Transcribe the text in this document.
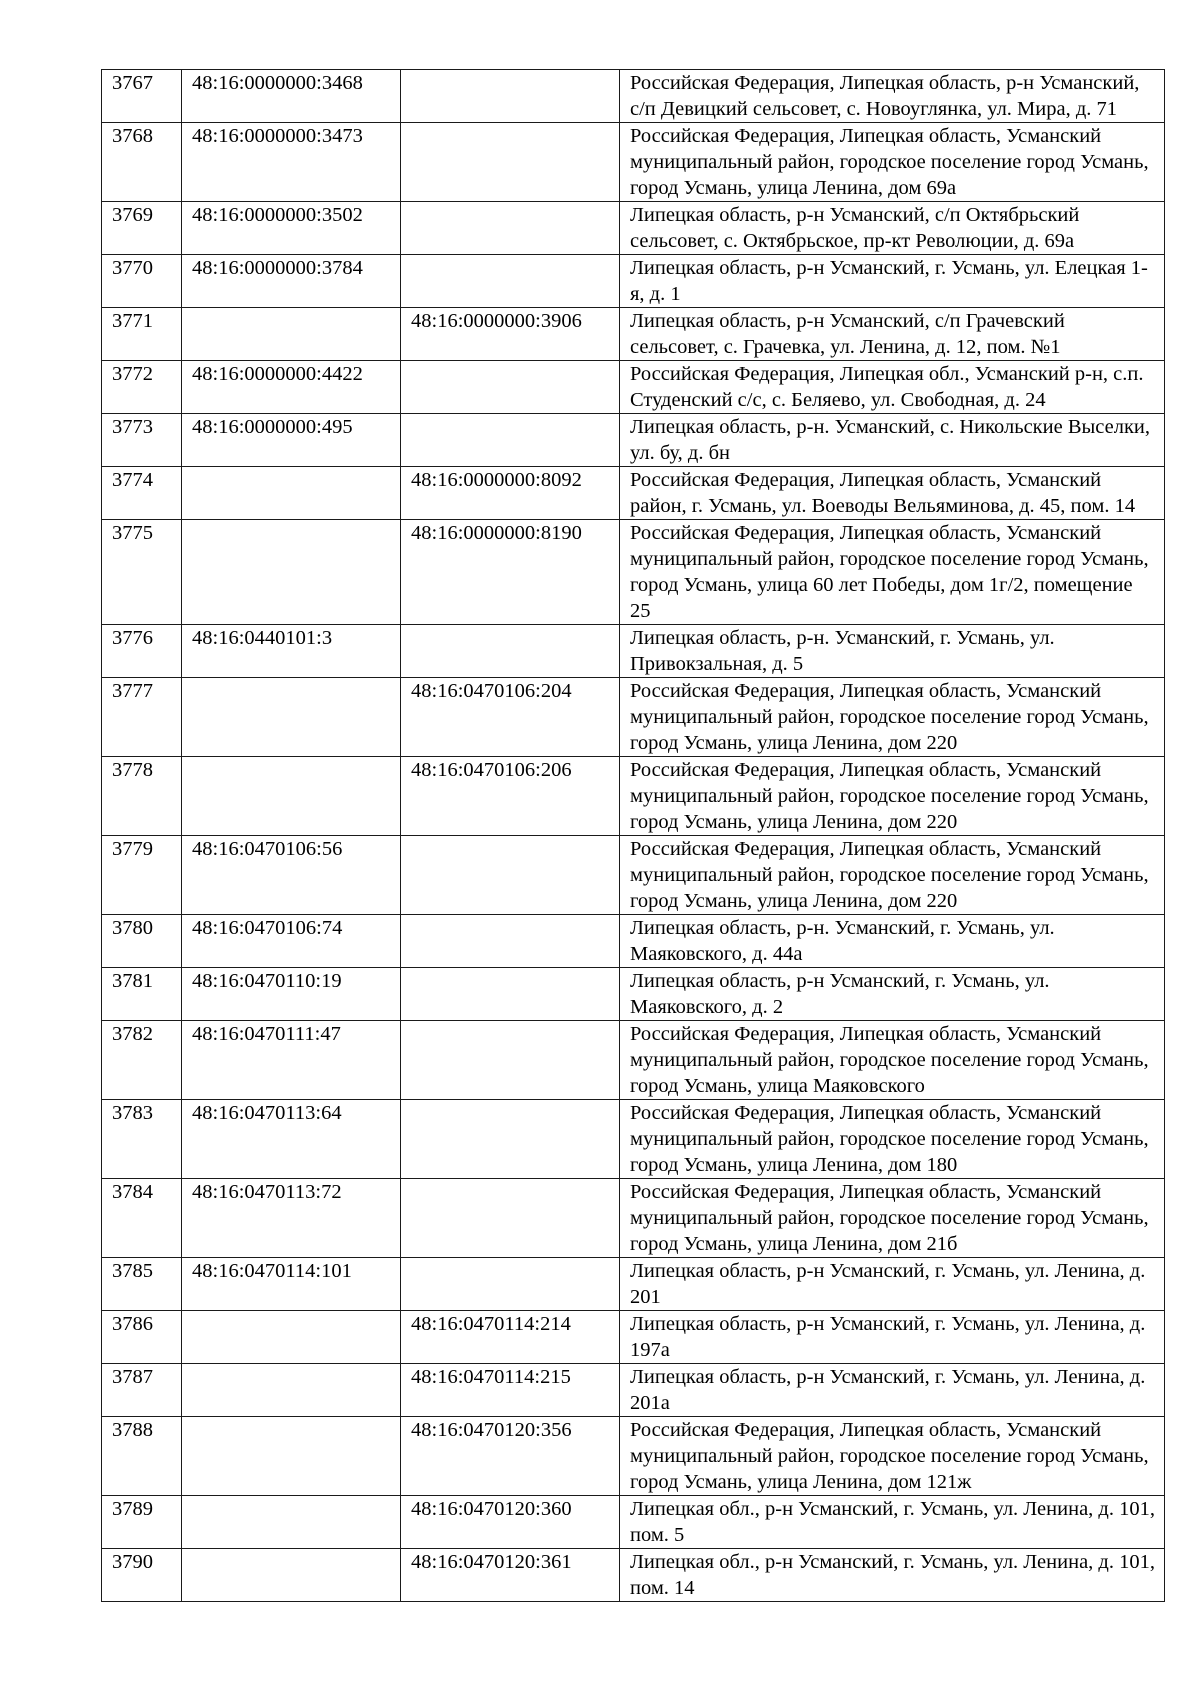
3767	48:16:0000000:3468		Российская Федерация, Липецкая область, р-н Усманский, с/п Девицкий сельсовет, с. Новоуглянка, ул. Мира, д. 71
3768	48:16:0000000:3473		Российская Федерация, Липецкая область, Усманский муниципальный район, городское поселение город Усмань, город Усмань, улица Ленина, дом 69а
3769	48:16:0000000:3502		Липецкая область, р-н Усманский, с/п Октябрьский сельсовет, с. Октябрьское, пр-кт Революции, д. 69а
3770	48:16:0000000:3784		Липецкая область, р-н Усманский, г. Усмань, ул. Елецкая 1-я, д. 1
3771		48:16:0000000:3906	Липецкая область, р-н Усманский, с/п Грачевский сельсовет, с. Грачевка, ул. Ленина, д. 12, пом. №1
3772	48:16:0000000:4422		Российская Федерация, Липецкая обл., Усманский р-н, с.п. Студенский с/с, с. Беляево, ул. Свободная, д. 24
3773	48:16:0000000:495		Липецкая область, р-н. Усманский, с. Никольские Выселки, ул. бу, д. бн
3774		48:16:0000000:8092	Российская Федерация, Липецкая область, Усманский район, г. Усмань, ул. Воеводы Вельяминова, д. 45, пом. 14
3775		48:16:0000000:8190	Российская Федерация, Липецкая область, Усманский муниципальный район, городское поселение город Усмань, город Усмань, улица 60 лет Победы, дом 1г/2, помещение 25
3776	48:16:0440101:3		Липецкая область, р-н. Усманский, г. Усмань, ул. Привокзальная, д. 5
3777		48:16:0470106:204	Российская Федерация, Липецкая область, Усманский муниципальный район, городское поселение город Усмань, город Усмань, улица Ленина, дом 220
3778		48:16:0470106:206	Российская Федерация, Липецкая область, Усманский муниципальный район, городское поселение город Усмань, город Усмань, улица Ленина, дом 220
3779	48:16:0470106:56		Российская Федерация, Липецкая область, Усманский муниципальный район, городское поселение город Усмань, город Усмань, улица Ленина, дом 220
3780	48:16:0470106:74		Липецкая область, р-н. Усманский, г. Усмань, ул. Маяковского, д. 44а
3781	48:16:0470110:19		Липецкая область, р-н Усманский, г. Усмань, ул. Маяковского, д. 2
3782	48:16:0470111:47		Российская Федерация, Липецкая область, Усманский муниципальный район, городское поселение город Усмань, город Усмань, улица Маяковского
3783	48:16:0470113:64		Российская Федерация, Липецкая область, Усманский муниципальный район, городское поселение город Усмань, город Усмань, улица Ленина, дом 180
3784	48:16:0470113:72		Российская Федерация, Липецкая область, Усманский муниципальный район, городское поселение город Усмань, город Усмань, улица Ленина, дом 21б
3785	48:16:0470114:101		Липецкая область, р-н Усманский, г. Усмань, ул. Ленина, д. 201
3786		48:16:0470114:214	Липецкая область, р-н Усманский, г. Усмань, ул. Ленина, д. 197а
3787		48:16:0470114:215	Липецкая область, р-н Усманский, г. Усмань, ул. Ленина, д. 201а
3788		48:16:0470120:356	Российская Федерация, Липецкая область, Усманский муниципальный район, городское поселение город Усмань, город Усмань, улица Ленина, дом 121ж
3789		48:16:0470120:360	Липецкая обл., р-н Усманский, г. Усмань, ул. Ленина, д. 101, пом. 5
3790		48:16:0470120:361	Липецкая обл., р-н Усманский, г. Усмань, ул. Ленина, д. 101, пом. 14
